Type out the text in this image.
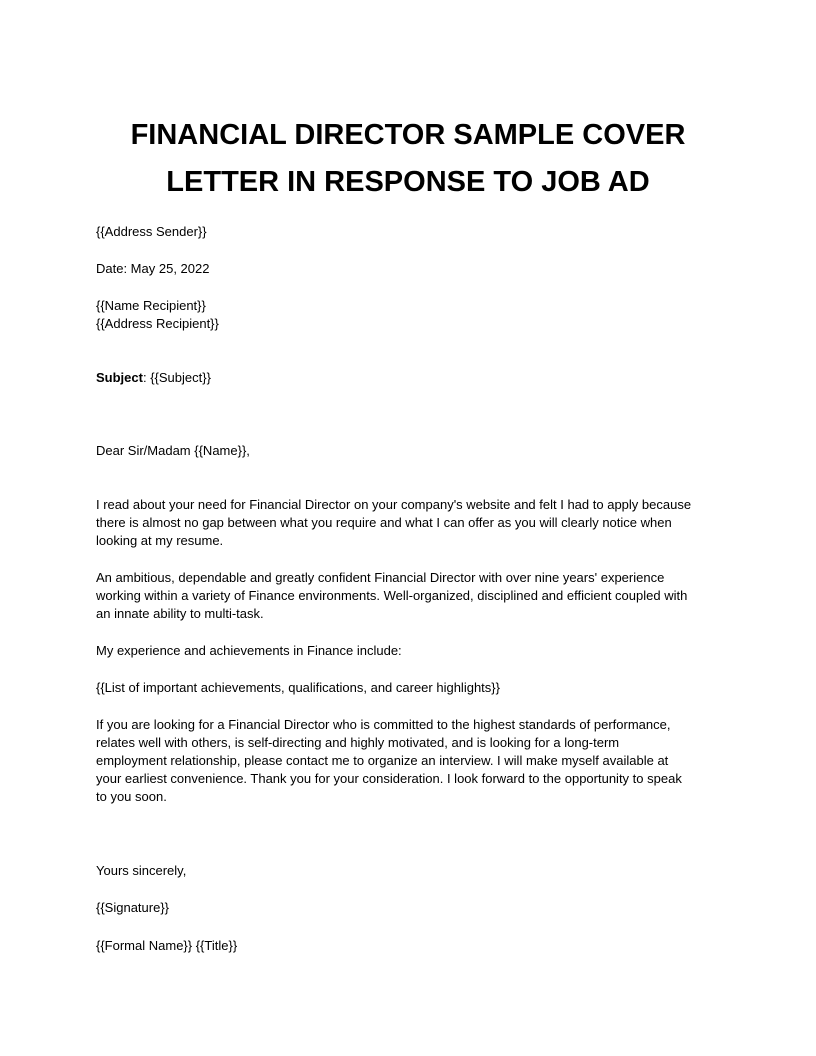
FINANCIAL DIRECTOR SAMPLE COVER
LETTER IN RESPONSE TO JOB AD
{{Address Sender}}
Date: May 25, 2022
{{Name Recipient}}
{{Address Recipient}}
Subject: {{Subject}}
Dear Sir/Madam {{Name}},
I read about your need for Financial Director on your company's website and felt I had to apply because
there is almost no gap between what you require and what I can offer as you will clearly notice when
looking at my resume.
An ambitious, dependable and greatly confident Financial Director with over nine years' experience
working within a variety of Finance environments. Well-organized, disciplined and efficient coupled with
an innate ability to multi-task.
My experience and achievements in Finance include:
{{List of important achievements, qualifications, and career highlights}}
If you are looking for a Financial Director who is committed to the highest standards of performance,
relates well with others, is self-directing and highly motivated, and is looking for a long-term
employment relationship, please contact me to organize an interview. I will make myself available at
your earliest convenience. Thank you for your consideration. I look forward to the opportunity to speak
to you soon.
Yours sincerely,
{{Signature}}
{{Formal Name}} {{Title}}
